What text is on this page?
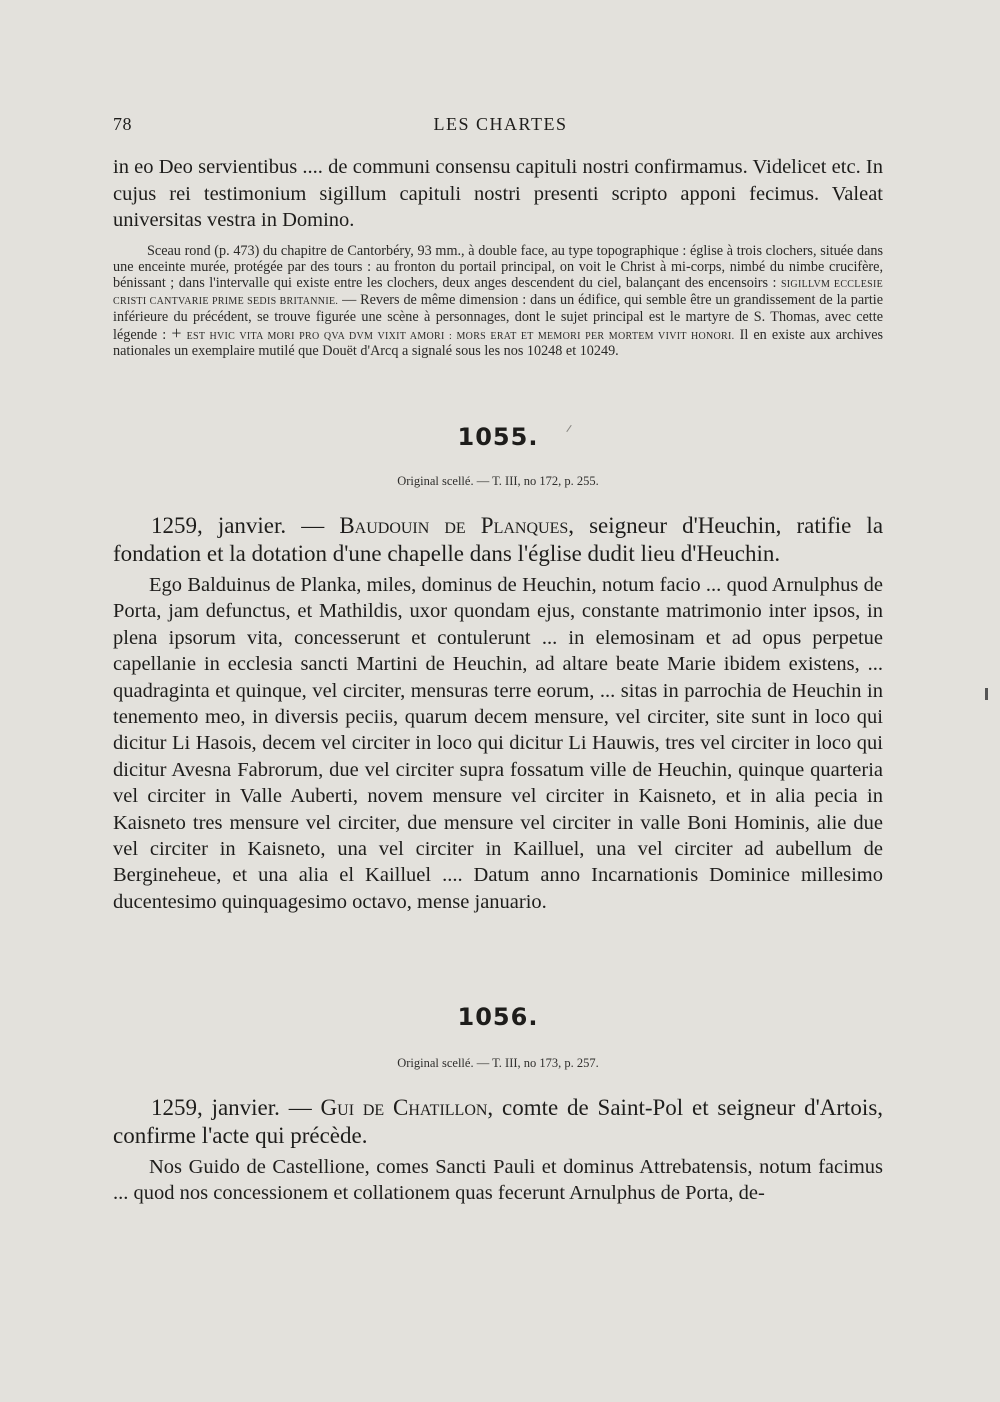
78	LES CHARTES
in eo Deo servientibus .... de communi consensu capituli nostri confirmamus. Videlicet etc. In cujus rei testimonium sigillum capituli nostri presenti scripto apponi fecimus. Valeat universitas vestra in Domino.
Sceau rond (p. 473) du chapitre de Cantorbéry, 93 mm., à double face, au type topographique : église à trois clochers, située dans une enceinte murée, protégée par des tours : au fronton du portail principal, on voit le Christ à mi-corps, nimbé du nimbe crucifère, bénissant ; dans l'intervalle qui existe entre les clochers, deux anges descendent du ciel, balançant des encensoirs : SIGILLVM ECCLESIE CRISTI CANTVARIE PRIME SEDIS BRITANNIE. — Revers de même dimension : dans un édifice, qui semble être un grandissement de la partie inférieure du précédent, se trouve figurée une scène à personnages, dont le sujet principal est le martyre de S. Thomas, avec cette légende : + EST HVIC VITA MORI PRO QVA DVM VIXIT AMORI : MORS ERAT ET MEMORI PER MORTEM VIVIT HONORI. Il en existe aux archives nationales un exemplaire mutilé que Douët d'Arcq a signalé sous les nos 10248 et 10249.
1055.
Original scellé. — T. III, no 172, p. 255.
1259, janvier. — Baudouin de Planques, seigneur d'Heuchin, ratifie la fondation et la dotation d'une chapelle dans l'église dudit lieu d'Heuchin.
Ego Balduinus de Planka, miles, dominus de Heuchin, notum facio ... quod Arnulphus de Porta, jam defunctus, et Mathildis, uxor quondam ejus, constante matrimonio inter ipsos, in plena ipsorum vita, concesserunt et contulerunt ... in elemosinam et ad opus perpetue capellanie in ecclesia sancti Martini de Heuchin, ad altare beate Marie ibidem existens, ... quadraginta et quinque, vel circiter, mensuras terre eorum, ... sitas in parrochia de Heuchin in tenemento meo, in diversis peciis, quarum decem mensure, vel circiter, site sunt in loco qui dicitur Li Hasois, decem vel circiter in loco qui dicitur Li Hauwis, tres vel circiter in loco qui dicitur Avesna Fabrorum, due vel circiter supra fossatum ville de Heuchin, quinque quarteria vel circiter in Valle Auberti, novem mensure vel circiter in Kaisneto, et in alia pecia in Kaisneto tres mensure vel circiter, due mensure vel circiter in valle Boni Hominis, alie due vel circiter in Kaisneto, una vel circiter in Kailluel, una vel circiter ad aubellum de Bergineheue, et una alia el Kailluel .... Datum anno Incarnationis Dominice millesimo ducentesimo quinquagesimo octavo, mense januario.
1056.
Original scellé. — T. III, no 173, p. 257.
1259, janvier. — Gui de Chatillon, comte de Saint-Pol et seigneur d'Artois, confirme l'acte qui précède.
Nos Guido de Castellione, comes Sancti Pauli et dominus Attrebatensis, notum facimus ... quod nos concessionem et collationem quas fecerunt Arnulphus de Porta, de-
